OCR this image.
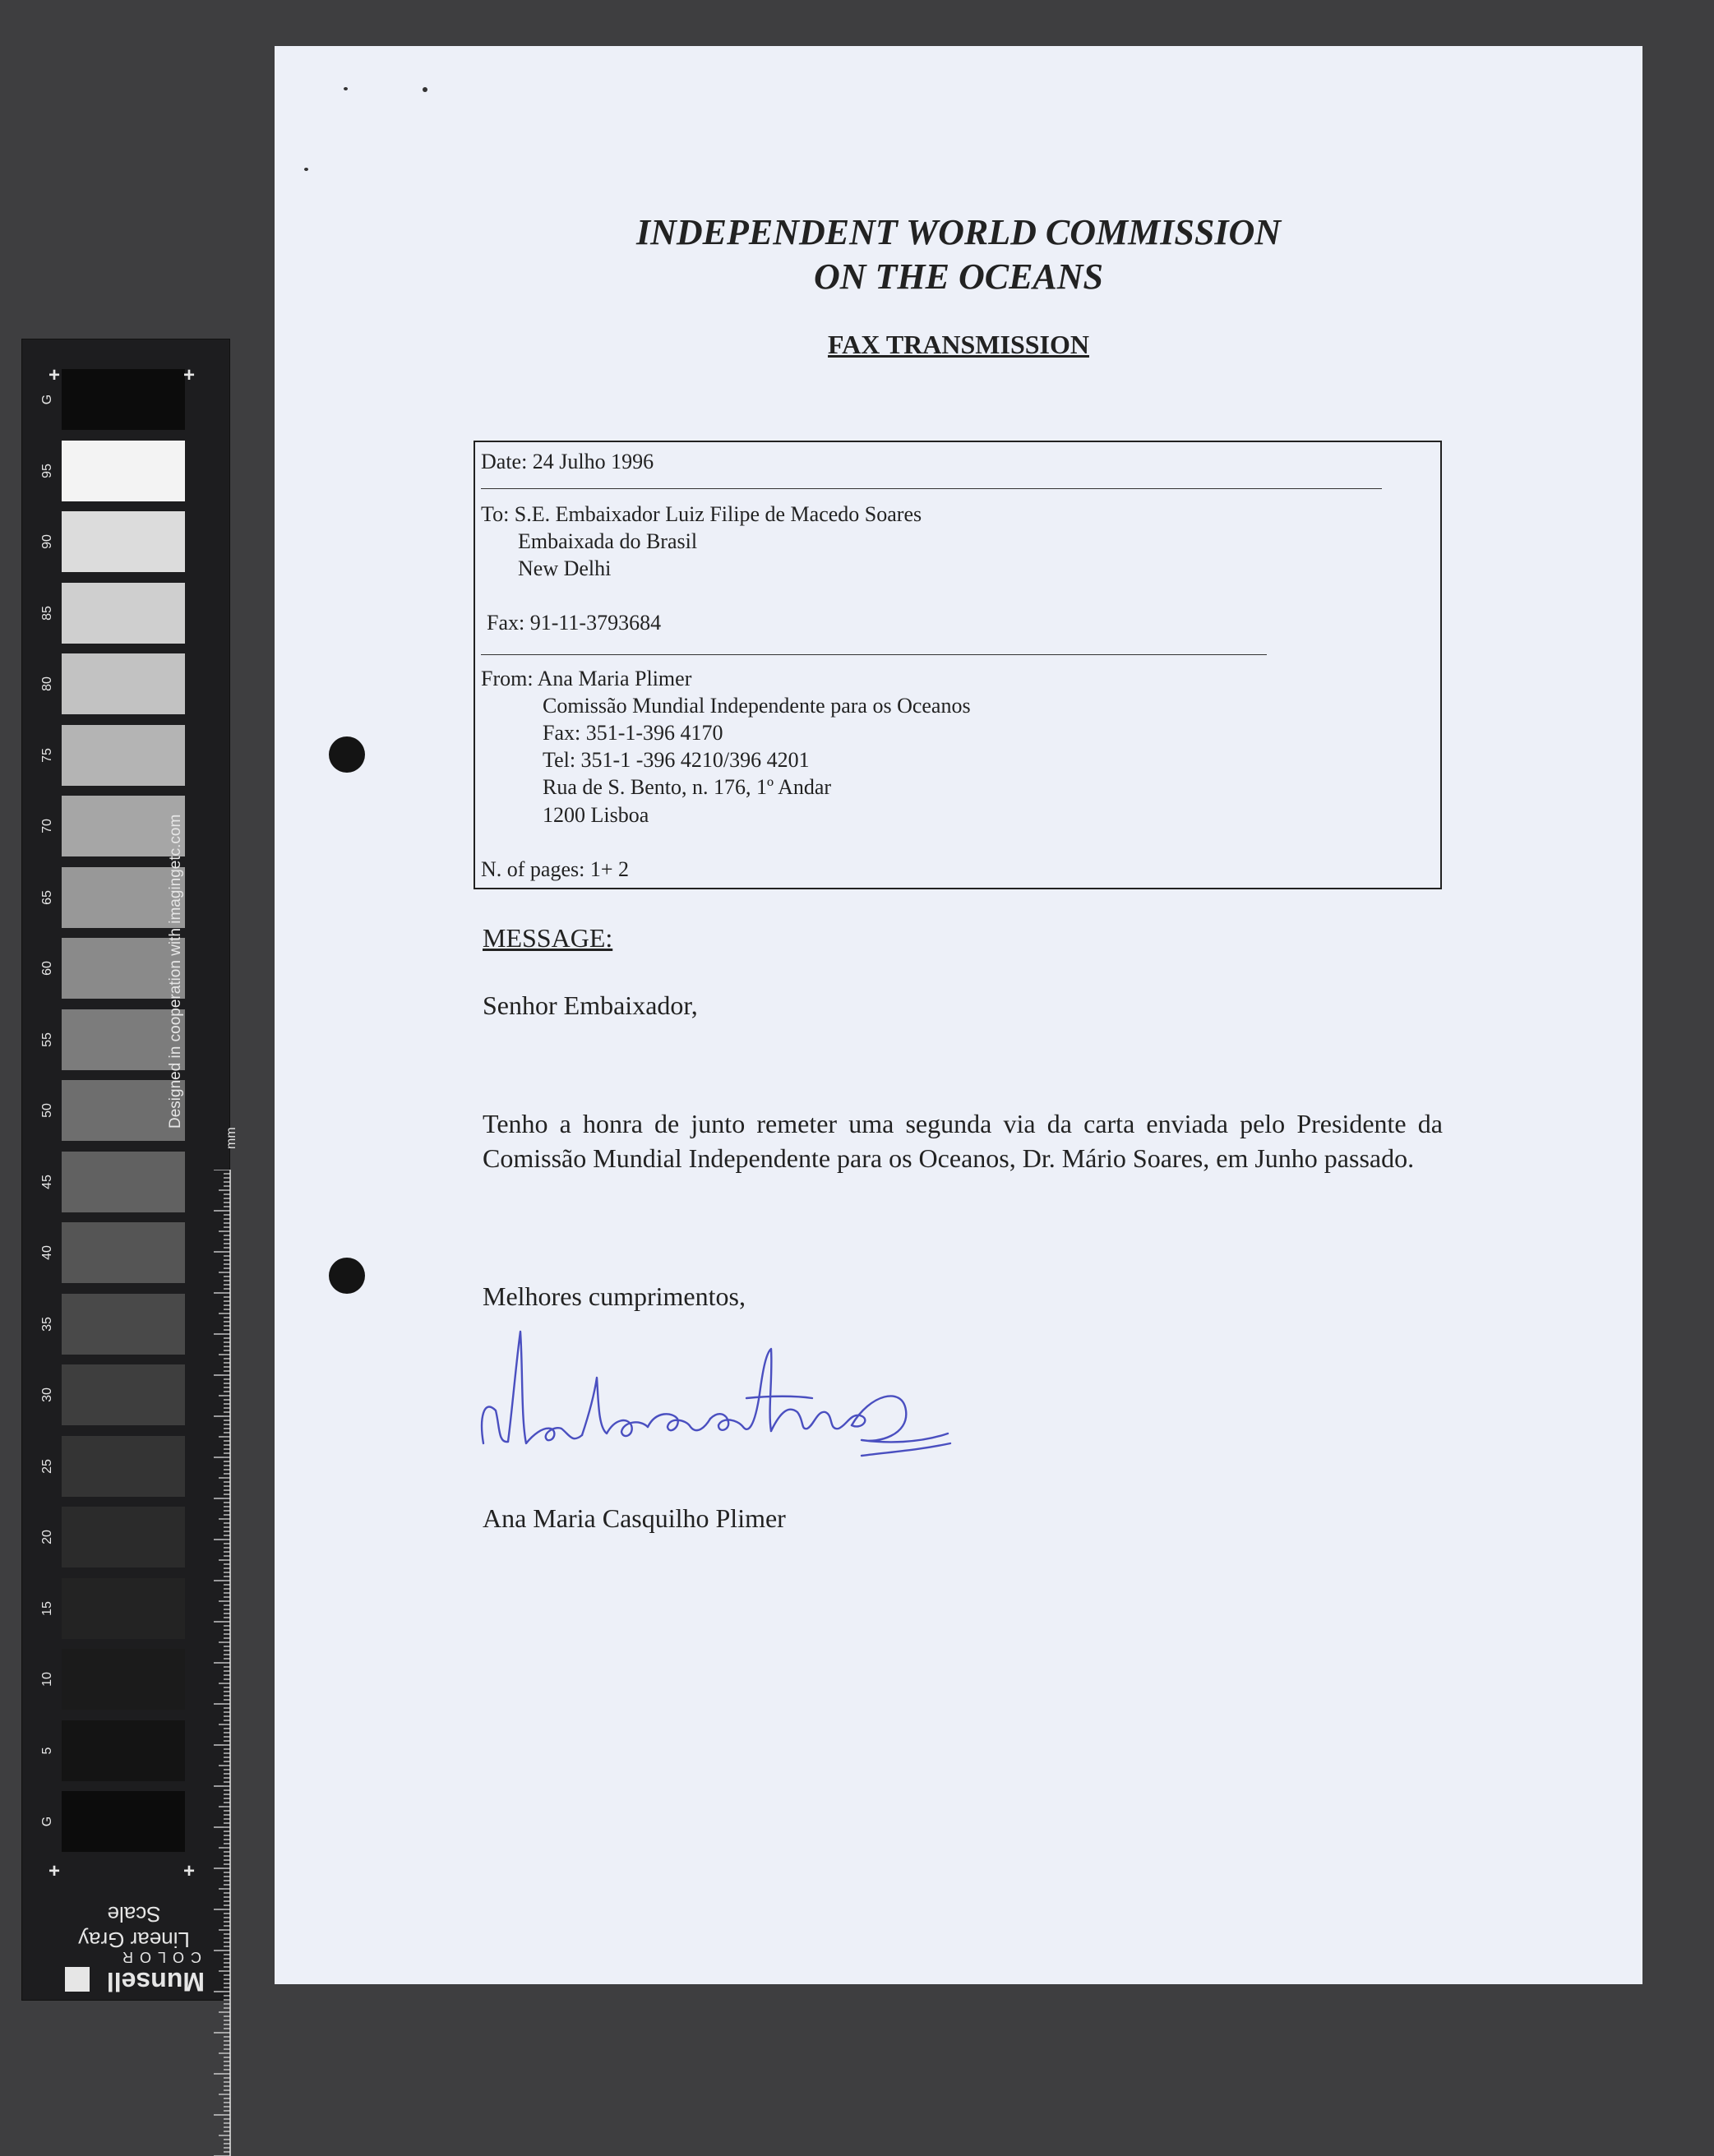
G
95
90
85
80
75
70
65
60
55
50
45
40
35
30
25
20
15
10
5
G
+	+
+	+
Designed in cooperation with imagingetc.com
mm
Linear Gray Scale
Munsell
COLOR
INDEPENDENT WORLD COMMISSION
ON THE OCEANS
FAX TRANSMISSION
Date: 24 Julho 1996
To: S.E. Embaixador Luiz Filipe de Macedo Soares
Embaixada do Brasil
New Delhi
Fax: 91-11-3793684
From: Ana Maria Plimer
Comissão Mundial Independente para os Oceanos
Fax: 351-1-396 4170
Tel: 351-1 -396 4210/396 4201
Rua de S. Bento, n. 176, 1º Andar
1200 Lisboa
N. of pages: 1+ 2
MESSAGE:
Senhor Embaixador,
Tenho a honra de junto remeter uma segunda via da carta enviada pelo Presidente da Comissão Mundial Independente para os Oceanos, Dr. Mário Soares, em Junho passado.
Melhores cumprimentos,
Ana Maria Casquilho Plimer
